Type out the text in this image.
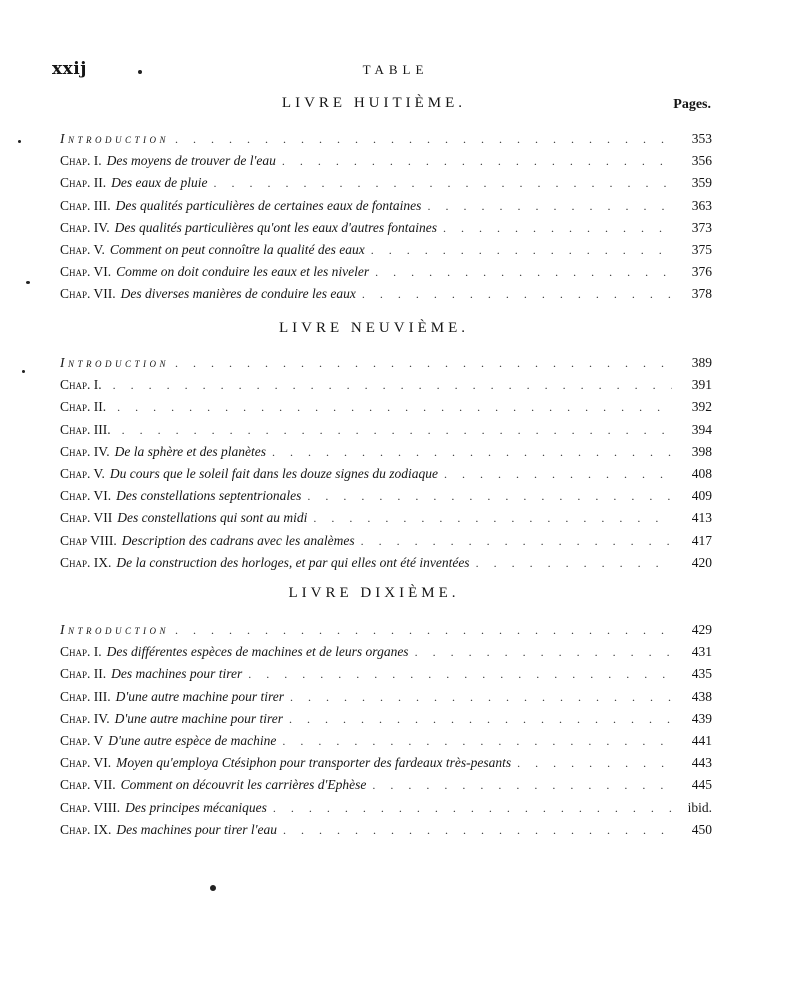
xxij	TABLE
Pages.
LIVRE HUITIÈME.
Introduction . . .	353
Chap. I. Des moyens de trouver de l'eau . . .	356
Chap. II. Des eaux de pluie . . .	359
Chap. III. Des qualités particulières de certaines eaux de fontaines . . .	363
Chap. IV. Des qualités particulières qu'ont les eaux d'autres fontaines . . .	373
Chap. V. Comment on peut connoître la qualité des eaux . . .	375
Chap. VI. Comme on doit conduire les eaux et les niveler . . .	376
Chap. VII. Des diverses manières de conduire les eaux . . .	378
LIVRE NEUVIÈME.
Introduction . . .	389
Chap. I. . . .	391
Chap. II. . . .	392
Chap. III. . . .	394
Chap. IV. De la sphère et des planètes . . .	398
Chap. V. Du cours que le soleil fait dans les douze signes du zodiaque . . .	408
Chap. VI. Des constellations septentrionales . . .	409
Chap. VII Des constellations qui sont au midi . . .	413
Chap VIII. Description des cadrans avec les analèmes . . .	417
Chap. IX. De la construction des horloges, et par qui elles ont été inventées . . .	420
LIVRE DIXIÈME.
Introduction . . .	429
Chap. I. Des différentes espèces de machines et de leurs organes . . .	431
Chap. II. Des machines pour tirer . . .	435
Chap. III. D'une autre machine pour tirer . . .	438
Chap. IV. D'une autre machine pour tirer . . .	439
Chap. V D'une autre espèce de machine . . .	441
Chap. VI. Moyen qu'employa Ctésiphon pour transporter des fardeaux très-pesants . . .	443
Chap. VII. Comment on découvrit les carrières d'Ephèse . . .	445
Chap. VIII. Des principes mécaniques . . .	ibid.
Chap. IX. Des machines pour tirer l'eau . . .	450
